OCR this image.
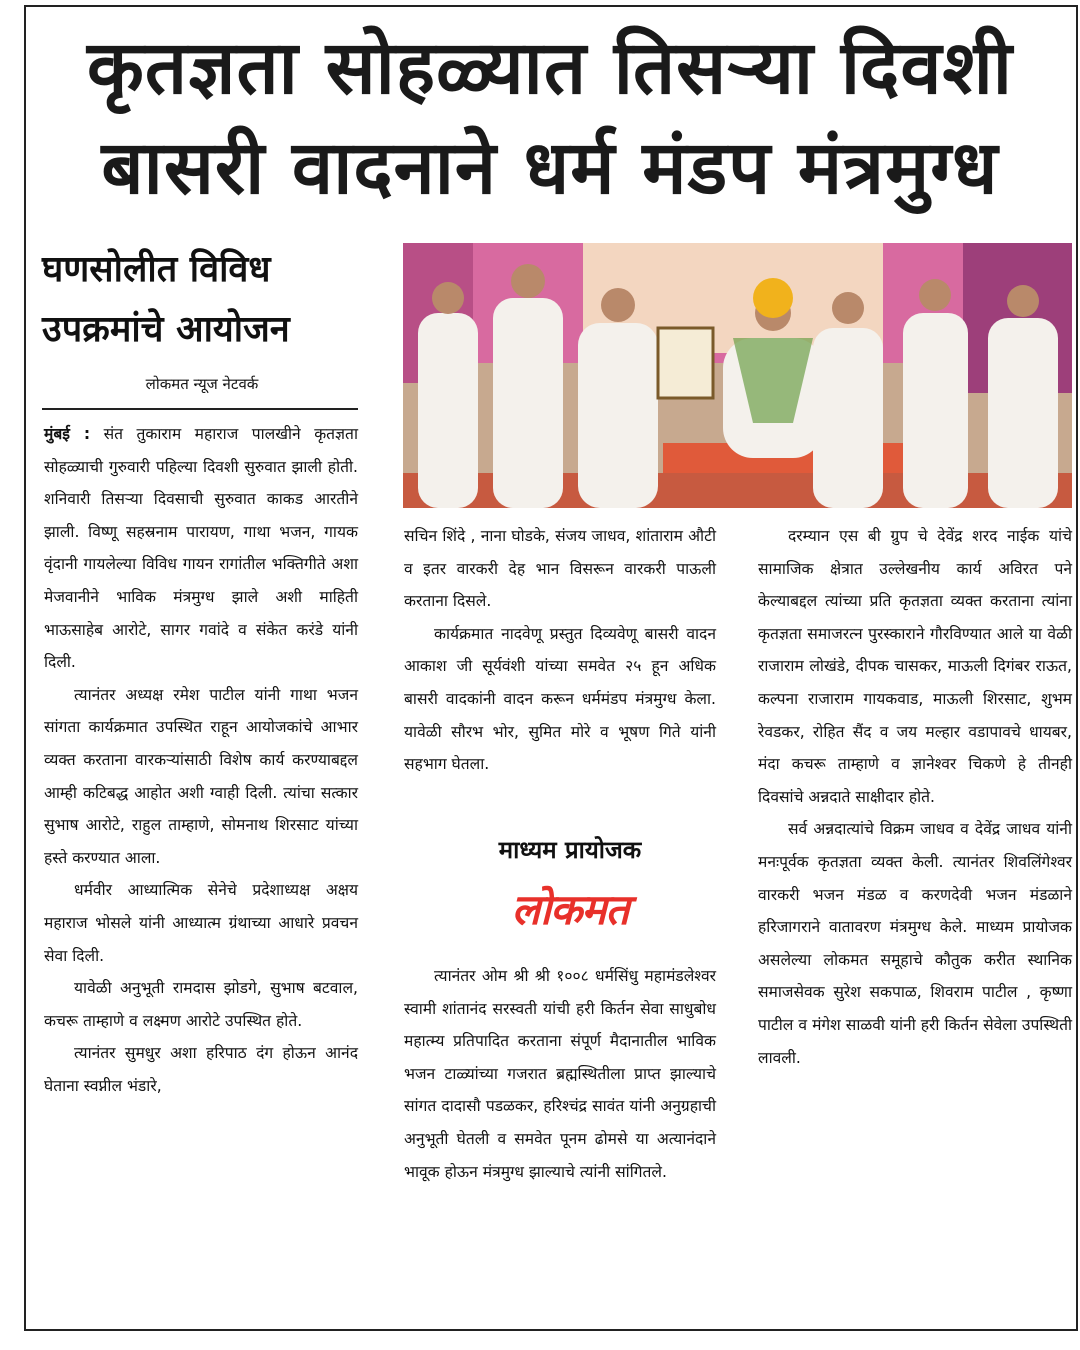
कृतज्ञता सोहळ्यात तिसऱ्या दिवशी
बासरी वादनाने धर्म मंडप मंत्रमुग्ध
घणसोलीत विविध
उपक्रमांचे आयोजन
लोकमत न्यूज नेटवर्क

मुंबई : संत तुकाराम महाराज पालखीने कृतज्ञता सोहळ्याची गुरुवारी पहिल्या दिवशी सुरुवात झाली होती. शनिवारी तिसऱ्या दिवसाची सुरुवात काकड आरतीने झाली. विष्णू सहस्रनाम पारायण, गाथा भजन, गायक वृंदानी गायलेल्या विविध गायन रागांतील भक्तिगीते अशा मेजवानीने भाविक मंत्रमुग्ध झाले अशी माहिती भाऊसाहेब आरोटे, सागर गवांदे व संकेत करंडे यांनी दिली.

त्यानंतर अध्यक्ष रमेश पाटील यांनी गाथा भजन सांगता कार्यक्रमात उपस्थित राहून आयोजकांचे आभार व्यक्त करताना वारकऱ्यांसाठी विशेष कार्य करण्याबद्दल आम्ही कटिबद्ध आहोत अशी ग्वाही दिली. त्यांचा सत्कार सुभाष आरोटे, राहुल ताम्हाणे, सोमनाथ शिरसाट यांच्या हस्ते करण्यात आला.

धर्मवीर आध्यात्मिक सेनेचे प्रदेशाध्यक्ष अक्षय महाराज भोसले यांनी आध्यात्म ग्रंथाच्या आधारे प्रवचन सेवा दिली.

यावेळी अनुभूती रामदास झोडगे, सुभाष बटवाल, कचरू ताम्हाणे व लक्ष्मण आरोटे उपस्थित होते.

त्यानंतर सुमधुर अशा हरिपाठ दंग होऊन आनंद घेताना स्वप्नील भंडारे,

सचिन शिंदे , नाना घोडके, संजय जाधव, शांताराम औटी व इतर वारकरी देह भान विसरून वारकरी पाऊली करताना दिसले.

कार्यक्रमात नादवेणू प्रस्तुत दिव्यवेणू बासरी वादन आकाश जी सूर्यवंशी यांच्या समवेत २५ हून अधिक बासरी वादकांनी वादन करून धर्ममंडप मंत्रमुग्ध केला. यावेळी सौरभ भोर, सुमित मोरे व भूषण गिते यांनी सहभाग घेतला.

माध्यम प्रायोजक
लोकमत

त्यानंतर ओम श्री श्री १००८ धर्मसिंधु महामंडलेश्वर स्वामी शांतानंद सरस्वती यांची हरी किर्तन सेवा साधुबोध महात्म्य प्रतिपादित करताना संपूर्ण मैदानातील भाविक भजन टाळ्यांच्या गजरात ब्रह्मस्थितीला प्राप्त झाल्याचे सांगत दादासौ पडळकर, हरिश्चंद्र सावंत यांनी अनुग्रहाची अनुभूती घेतली व समवेत पूनम ढोमसे या अत्यानंदाने भावूक होऊन मंत्रमुग्ध झाल्याचे त्यांनी सांगितले.

दरम्यान एस बी ग्रुप चे देवेंद्र शरद नाईक यांचे सामाजिक क्षेत्रात उल्लेखनीय कार्य अविरत पने केल्याबद्दल त्यांच्या प्रति कृतज्ञता व्यक्त करताना त्यांना कृतज्ञता समाजरत्न पुरस्काराने गौरविण्यात आले या वेळी राजाराम लोखंडे, दीपक चासकर, माऊली दिगंबर राऊत, कल्पना राजाराम गायकवाड, माऊली शिरसाट, शुभम रेवडकर, रोहित सैंद व जय मल्हार वडापावचे धायबर, मंदा कचरू ताम्हाणे व ज्ञानेश्वर चिकणे हे तीनही दिवसांचे अन्नदाते साक्षीदार होते.

सर्व अन्नदात्यांचे विक्रम जाधव व देवेंद्र जाधव यांनी मनःपूर्वक कृतज्ञता व्यक्त केली. त्यानंतर शिवलिंगेश्वर वारकरी भजन मंडळ व करणदेवी भजन मंडळाने हरिजागराने वातावरण मंत्रमुग्ध केले. माध्यम प्रायोजक असलेल्या लोकमत समूहाचे कौतुक करीत स्थानिक समाजसेवक सुरेश सकपाळ, शिवराम पाटील , कृष्णा पाटील व मंगेश साळवी यांनी हरी किर्तन सेवेला उपस्थिती लावली.
